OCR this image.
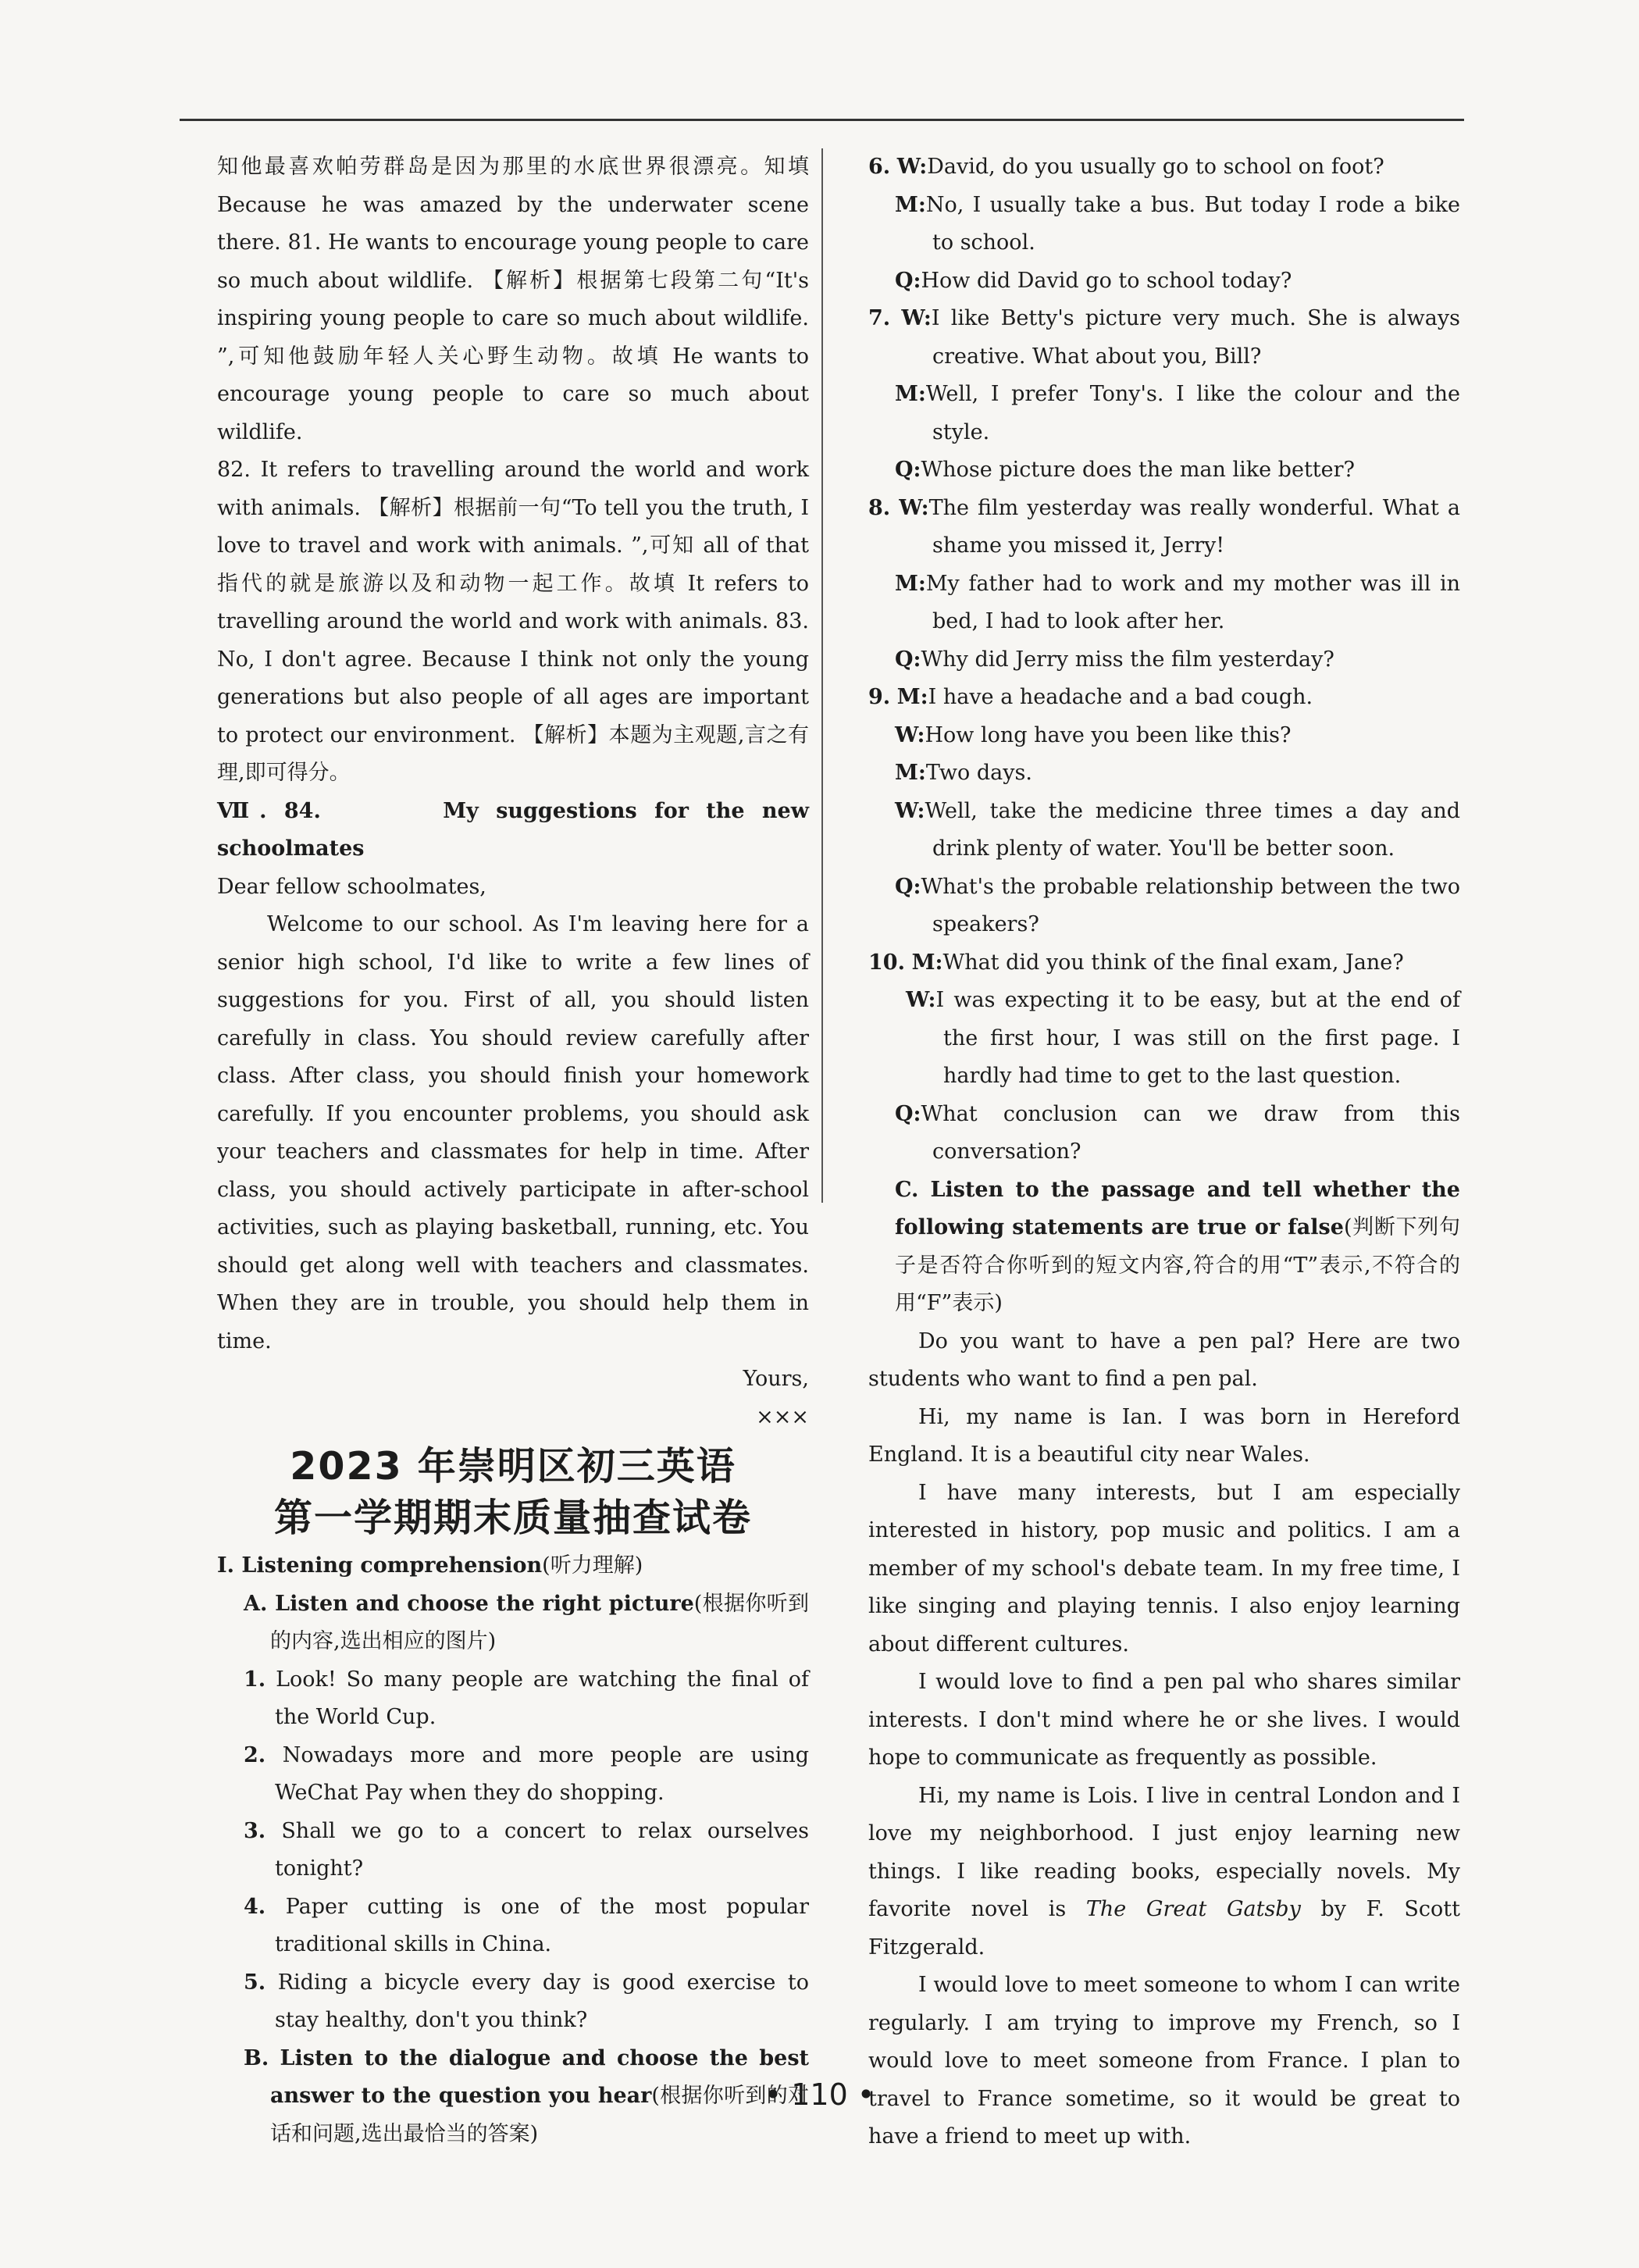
知他最喜欢帕劳群岛是因为那里的水底世界很漂亮。知填 Because he was amazed by the underwater scene there. 81. He wants to encourage young people to care so much about wildlife. 【解析】根据第七段第二句“It's inspiring young people to care so much about wildlife. ”,可知他鼓励年轻人关心野生动物。故填 He wants to encourage young people to care so much about wildlife.

82. It refers to travelling around the world and work with animals. 【解析】根据前一句“To tell you the truth, I love to travel and work with animals. ”,可知 all of that 指代的就是旅游以及和动物一起工作。故填 It refers to travelling around the world and work with animals. 83. No, I don't agree. Because I think not only the young generations but also people of all ages are important to protect our environment. 【解析】本题为主观题,言之有理,即可得分。

Ⅶ. 84.	My suggestions for the new schoolmates

Dear fellow schoolmates,

Welcome to our school. As I'm leaving here for a senior high school, I'd like to write a few lines of suggestions for you. First of all, you should listen carefully in class. You should review carefully after class. After class, you should finish your homework carefully. If you encounter problems, you should ask your teachers and classmates for help in time. After class, you should actively participate in after-school activities, such as playing basketball, running, etc. You should get along well with teachers and classmates. When they are in trouble, you should help them in time.

Yours,

×××

2023 年崇明区初三英语
第一学期期末质量抽查试卷

Ⅰ. Listening comprehension(听力理解)

A. Listen and choose the right picture(根据你听到的内容,选出相应的图片)

1. Look! So many people are watching the final of the World Cup.

2. Nowadays more and more people are using WeChat Pay when they do shopping.

3. Shall we go to a concert to relax ourselves tonight?

4. Paper cutting is one of the most popular traditional skills in China.

5. Riding a bicycle every day is good exercise to stay healthy, don't you think?

B. Listen to the dialogue and choose the best answer to the question you hear(根据你听到的对话和问题,选出最恰当的答案)

6. W:David, do you usually go to school on foot?

M:No, I usually take a bus. But today I rode a bike to school.

Q:How did David go to school today?

7. W:I like Betty's picture very much. She is always creative. What about you, Bill?

M:Well, I prefer Tony's. I like the colour and the style.

Q:Whose picture does the man like better?

8. W:The film yesterday was really wonderful. What a shame you missed it, Jerry!

M:My father had to work and my mother was ill in bed, I had to look after her.

Q:Why did Jerry miss the film yesterday?

9. M:I have a headache and a bad cough.

W:How long have you been like this?

M:Two days.

W:Well, take the medicine three times a day and drink plenty of water. You'll be better soon.

Q:What's the probable relationship between the two speakers?

10. M:What did you think of the final exam, Jane?

W:I was expecting it to be easy, but at the end of the first hour, I was still on the first page. I hardly had time to get to the last question.

Q:What conclusion can we draw from this conversation?

C. Listen to the passage and tell whether the following statements are true or false(判断下列句子是否符合你听到的短文内容,符合的用“T”表示,不符合的用“F”表示)

Do you want to have a pen pal? Here are two students who want to find a pen pal.

Hi, my name is Ian. I was born in Hereford England. It is a beautiful city near Wales.

I have many interests, but I am especially interested in history, pop music and politics. I am a member of my school's debate team. In my free time, I like singing and playing tennis. I also enjoy learning about different cultures.

I would love to find a pen pal who shares similar interests. I don't mind where he or she lives. I would hope to communicate as frequently as possible.

Hi, my name is Lois. I live in central London and I love my neighborhood. I just enjoy learning new things. I like reading books, especially novels. My favorite novel is The Great Gatsby by F. Scott Fitzgerald.

I would love to meet someone to whom I can write regularly. I am trying to improve my French, so I would love to meet someone from France. I plan to travel to France sometime, so it would be great to have a friend to meet up with.

• 110 •
